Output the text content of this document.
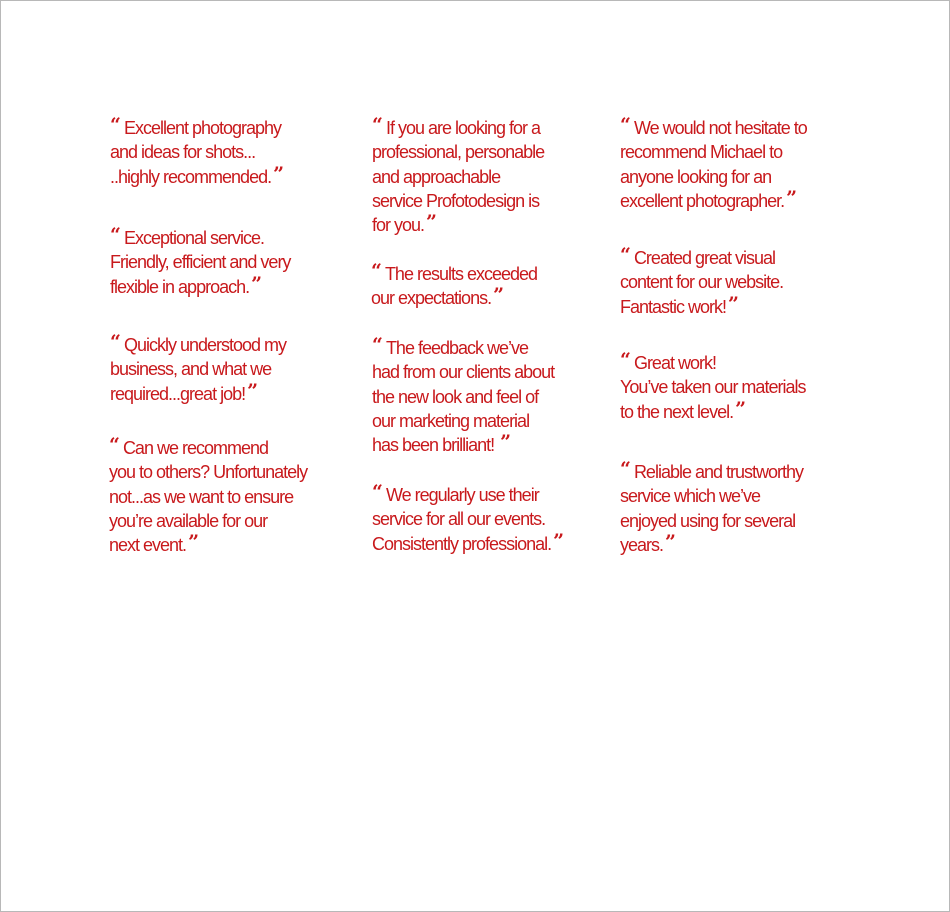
“ Excellent photography
and ideas for shots...
..highly recommended. ”

“ Exceptional service.
Friendly, efficient and very
flexible in approach. ”

“ Quickly understood my
business, and what we
required...great job! ”

“ Can we recommend
you to others? Unfortunately
not...as we want to ensure
you’re available for our
next event. ”

“ If you are looking for a
professional, personable
and approachable
service Profotodesign is
for you. ”

“ The results exceeded
our expectations. ”

“ The feedback we’ve
had from our clients about
the new look and feel of
our marketing material
has been brilliant! ”

“ We regularly use their
service for all our events.
Consistently professional. ”

“ We would not hesitate to
recommend Michael to
anyone looking for an
excellent photographer. ”

“ Created great visual
content for our website.
Fantastic work! ”

“ Great work!
You’ve taken our materials
to the next level. ”

“ Reliable and trustworthy
service which we’ve
enjoyed using for several
years. ”
